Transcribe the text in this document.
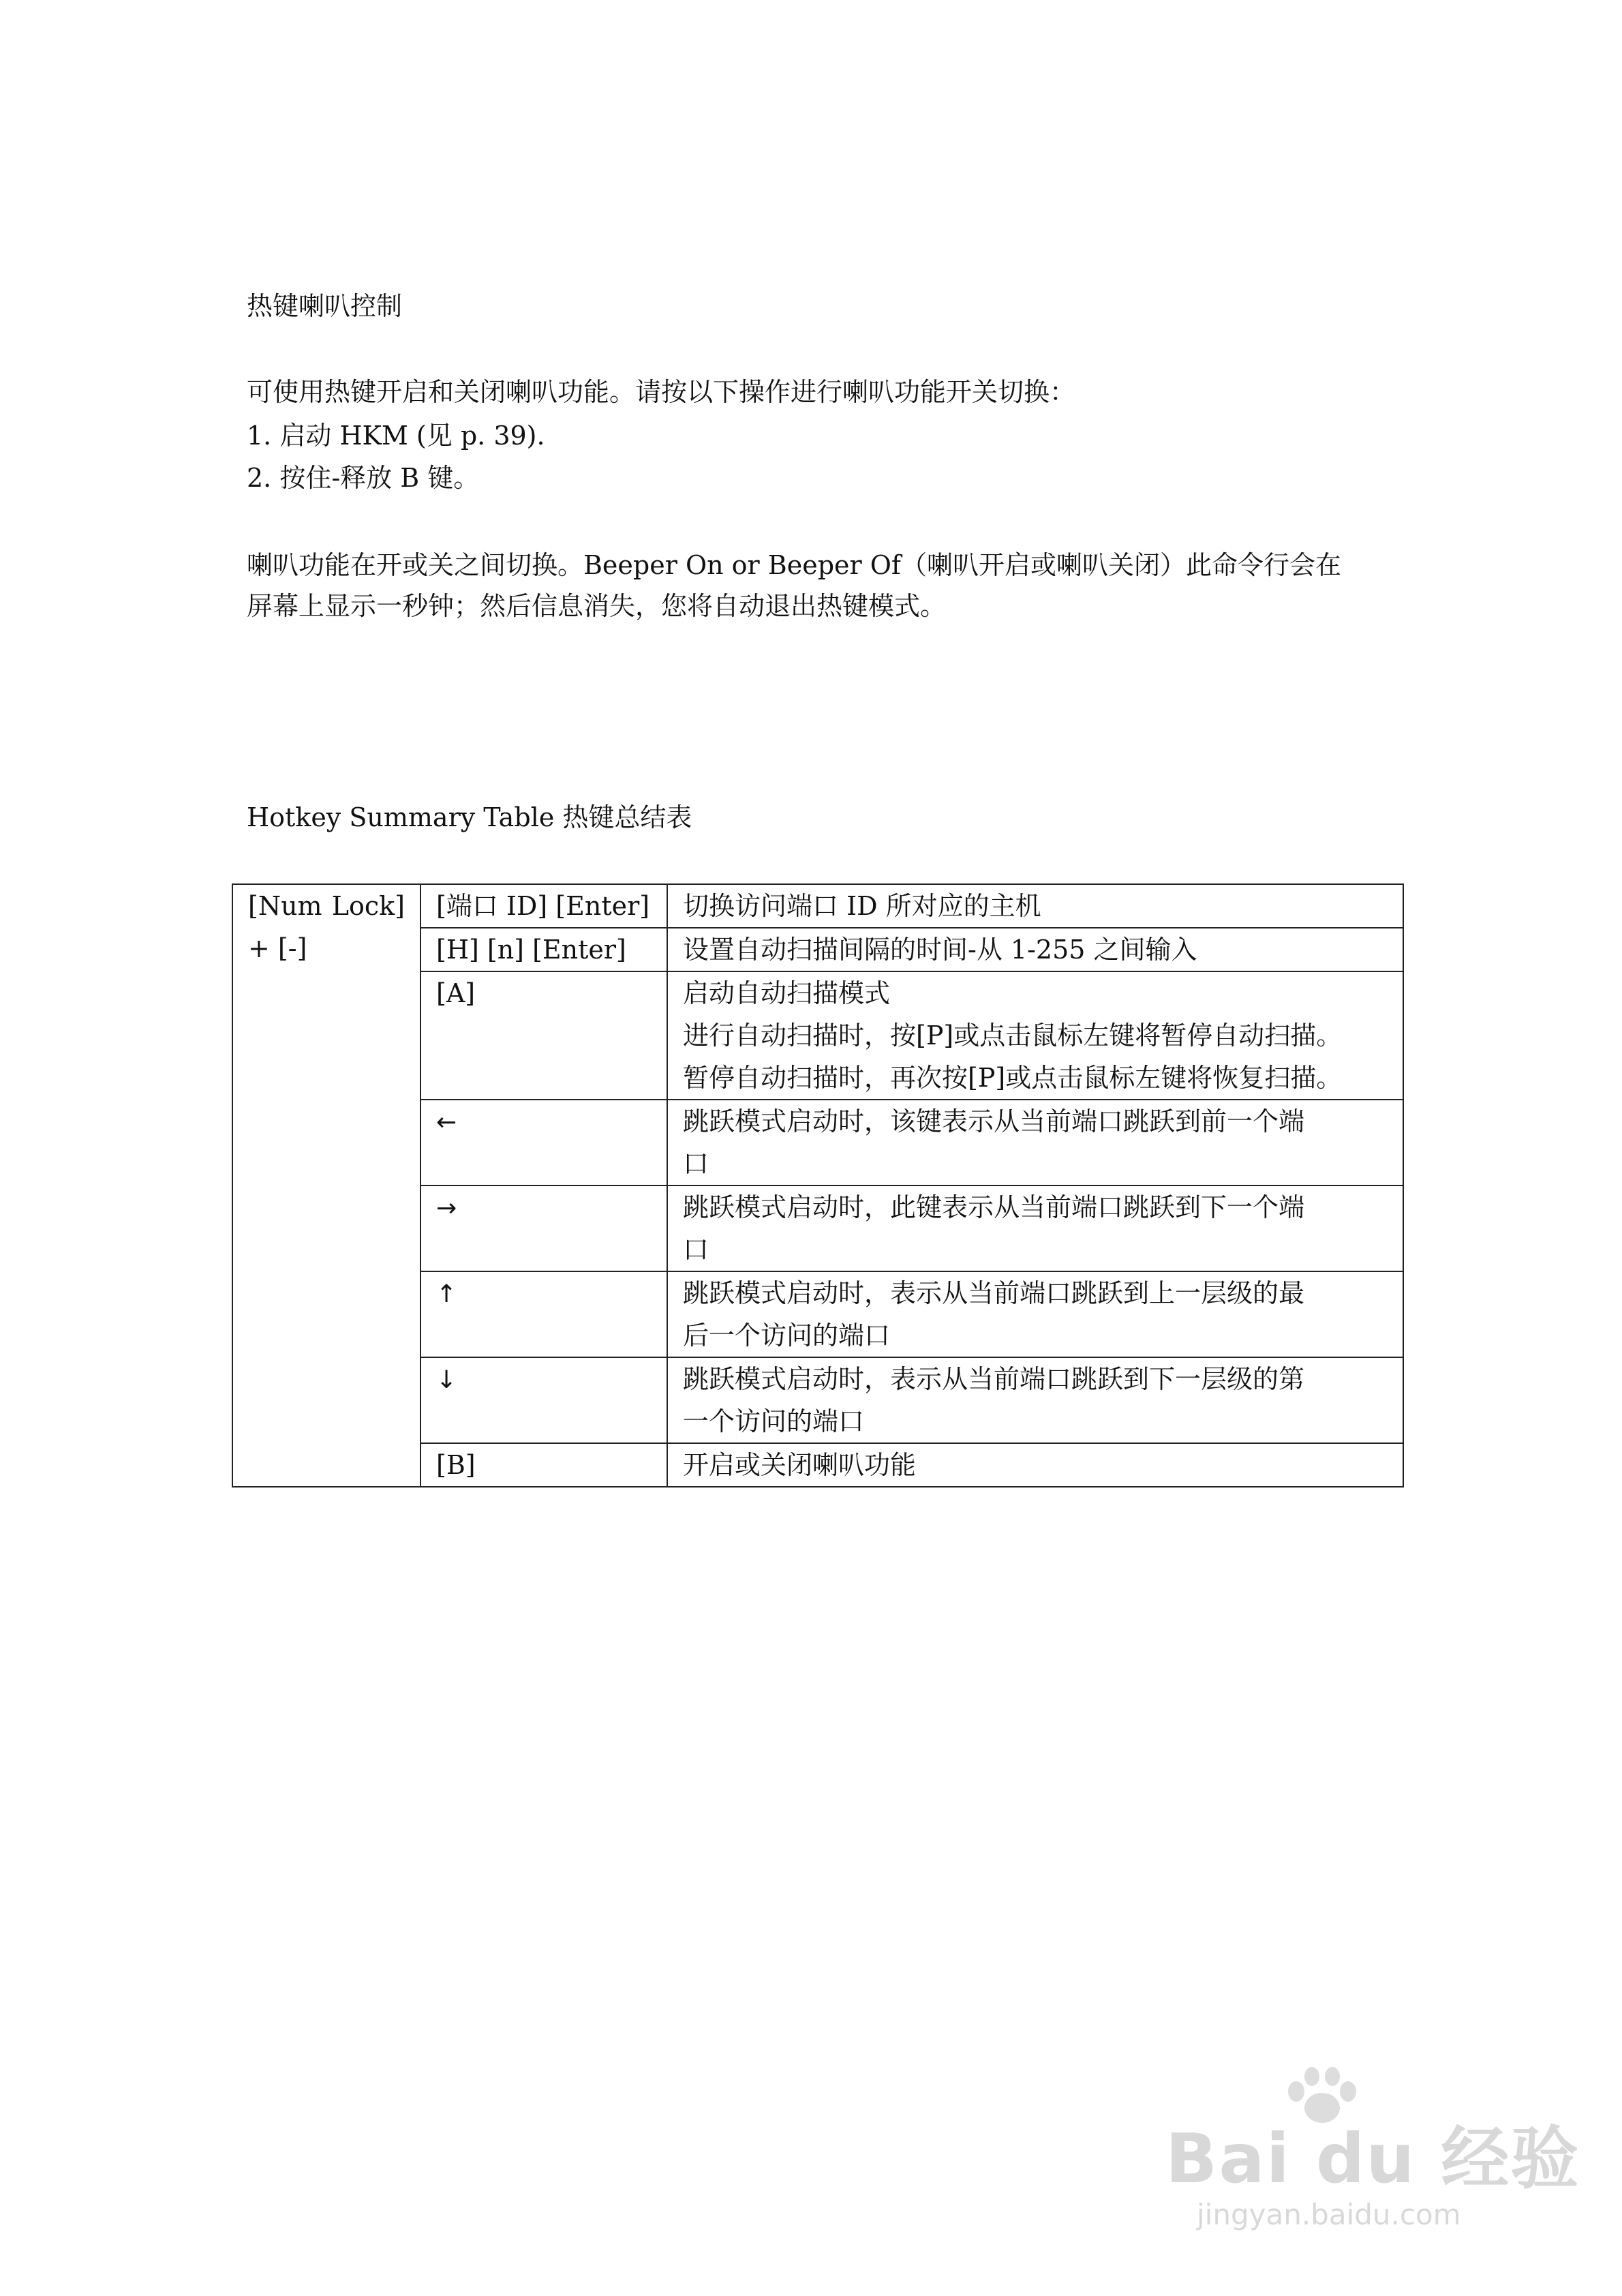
热键喇叭控制
可使用热键开启和关闭喇叭功能。请按以下操作进行喇叭功能开关切换：
1. 启动 HKM (见 p. 39).
2. 按住-释放 B 键。
喇叭功能在开或关之间切换。Beeper On or Beeper Of（喇叭开启或喇叭关闭）此命令行会在
屏幕上显示一秒钟；然后信息消失，您将自动退出热键模式。
Hotkey Summary Table 热键总结表
[Num Lock]
+ [-]	[端口 ID] [Enter]	切换访问端口 ID 所对应的主机

	[H] [n] [Enter]	设置自动扫描间隔的时间-从 1-255 之间输入

	[A]	启动自动扫描模式
进行自动扫描时，按[P]或点击鼠标左键将暂停自动扫描。
暂停自动扫描时，再次按[P]或点击鼠标左键将恢复扫描。

	←	跳跃模式启动时，该键表示从当前端口跳跃到前一个端
口

	→	跳跃模式启动时，此键表示从当前端口跳跃到下一个端
口

	↑	跳跃模式启动时，表示从当前端口跳跃到上一层级的最
后一个访问的端口

	↓	跳跃模式启动时，表示从当前端口跳跃到下一层级的第
一个访问的端口

	[B]	开启或关闭喇叭功能
Bai du 经验
jingyan.baidu.com
